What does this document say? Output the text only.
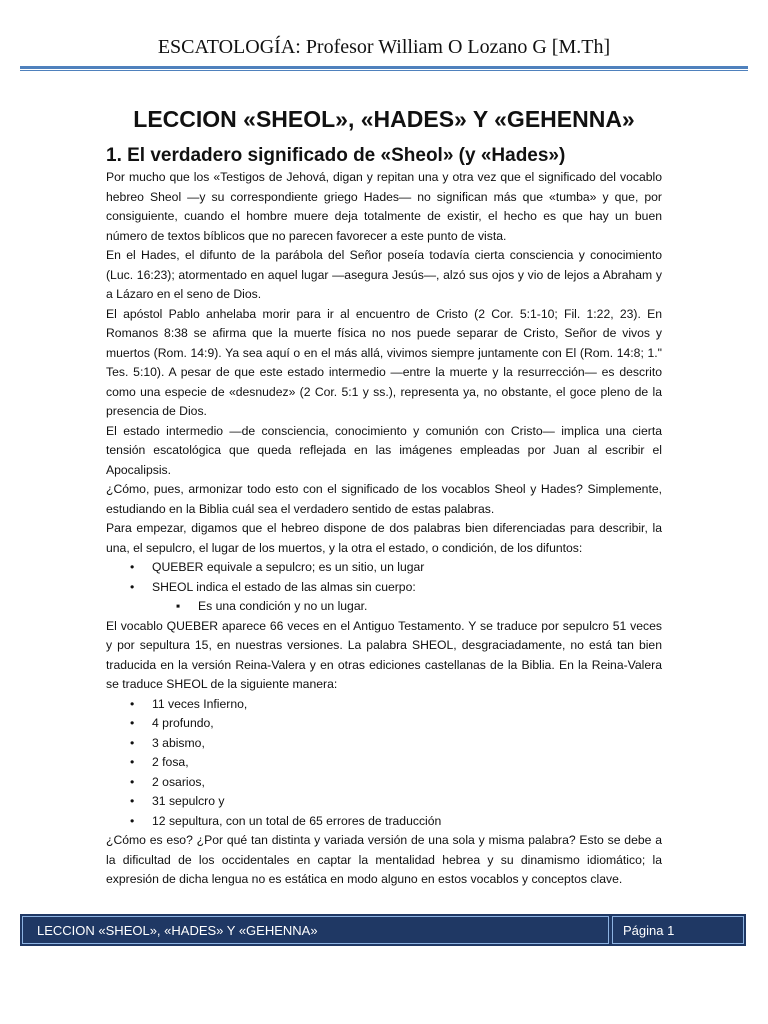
ESCATOLOGÍA: Profesor William O Lozano G [M.Th]
LECCION «SHEOL», «HADES» Y «GEHENNA»
1. El verdadero significado de «Sheol» (y «Hades»)

Por mucho que los «Testigos de Jehová, digan y repitan una y otra vez que el significado del vocablo hebreo Sheol —y su correspondiente griego Hades— no significan más que «tumba» y que, por consiguiente, cuando el hombre muere deja totalmente de existir, el hecho es que hay un buen número de textos bíblicos que no parecen favorecer a este punto de vista.

En el Hades, el difunto de la parábola del Señor poseía todavía cierta consciencia y conocimiento (Luc. 16:23); atormentado en aquel lugar —asegura Jesús—, alzó sus ojos y vio de lejos a Abraham y a Lázaro en el seno de Dios.

El apóstol Pablo anhelaba morir para ir al encuentro de Cristo (2 Cor. 5:1-10; Fil. 1:22, 23). En Romanos 8:38 se afirma que la muerte física no nos puede separar de Cristo, Señor de vivos y muertos (Rom. 14:9). Ya sea aquí o en el más allá, vivimos siempre juntamente con El (Rom. 14:8; 1." Tes. 5:10). A pesar de que este estado intermedio —entre la muerte y la resurrección— es descrito como una especie de «desnudez» (2 Cor. 5:1 y ss.), representa ya, no obstante, el goce pleno de la presencia de Dios.

El estado intermedio —de consciencia, conocimiento y comunión con Cristo— implica una cierta tensión escatológica que queda reflejada en las imágenes empleadas por Juan al escribir el Apocalipsis.

¿Cómo, pues, armonizar todo esto con el significado de los vocablos Sheol y Hades? Simplemente, estudiando en la Biblia cuál sea el verdadero sentido de estas palabras.

Para empezar, digamos que el hebreo dispone de dos palabras bien diferenciadas para describir, la una, el sepulcro, el lugar de los muertos, y la otra el estado, o condición, de los difuntos:

• QUEBER equivale a sepulcro; es un sitio, un lugar
• SHEOL indica el estado de las almas sin cuerpo:
▪ Es una condición y no un lugar.

El vocablo QUEBER aparece 66 veces en el Antiguo Testamento. Y se traduce por sepulcro 51 veces y por sepultura 15, en nuestras versiones. La palabra SHEOL, desgraciadamente, no está tan bien traducida en la versión Reina-Valera y en otras ediciones castellanas de la Biblia. En la Reina-Valera se traduce SHEOL de la siguiente manera:

• 11 veces Infierno,
• 4 profundo,
• 3 abismo,
• 2 fosa,
• 2 osarios,
• 31 sepulcro y
• 12 sepultura, con un total de 65 errores de traducción

¿Cómo es eso? ¿Por qué tan distinta y variada versión de una sola y misma palabra? Esto se debe a la dificultad de los occidentales en captar la mentalidad hebrea y su dinamismo idiomático; la expresión de dicha lengua no es estática en modo alguno en estos vocablos y conceptos clave.

LECCION «SHEOL», «HADES» Y «GEHENNA»	Página 1
